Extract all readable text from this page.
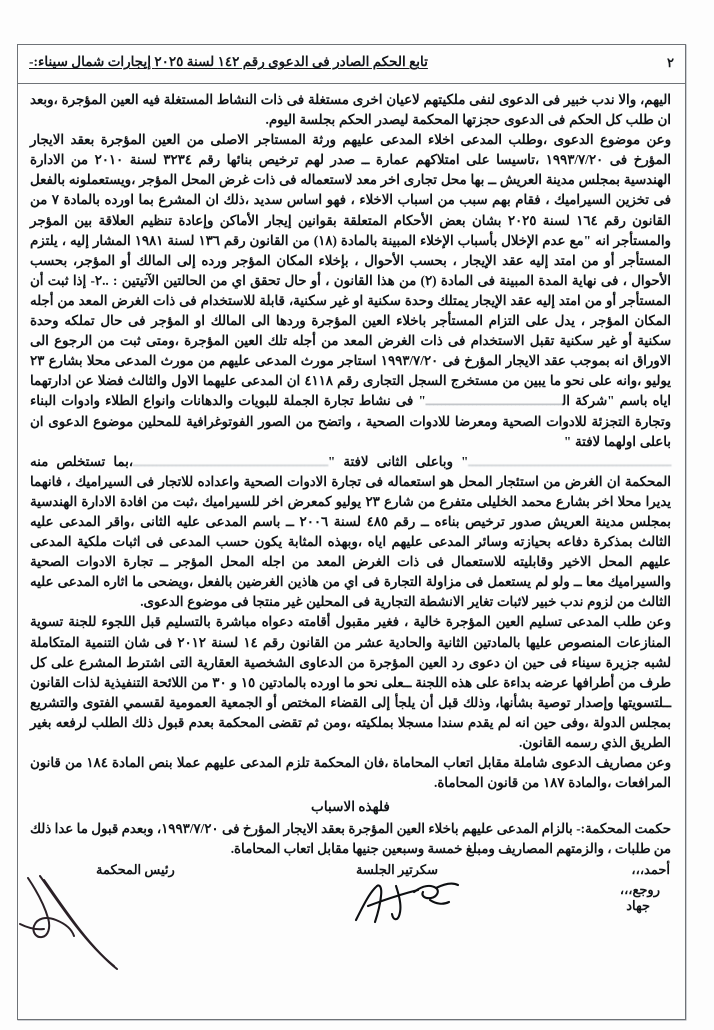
تابع الحكم الصادر فى الدعوى رقم ١٤٢ لسنة ٢٠٢٥ إيجارات شمال سيناء:-	٢

اليهم، والا ندب خبير فى الدعوى لنفى ملكيتهم لاعيان اخرى مستغلة فى ذات النشاط المستغلة فيه العين المؤجرة ،وبعد ان طلب كل الحكم فى الدعوى حجزتها المحكمة ليصدر الحكم بجلسة اليوم.

وعن موضوع الدعوى ،وطلب المدعى اخلاء المدعى عليهم ورثة المستاجر الاصلى من العين المؤجرة بعقد الايجار المؤرخ فى ١٩٩٣/٧/٢٠ ،تاسيسا على امتلاكهم عمارة ــ صدر لهم ترخيص بنائها رقم ٣٢٣٤ لسنة ٢٠١٠ من الادارة الهندسية بمجلس مدينة العريش ــ بها محل تجارى اخر معد لاستعماله فى ذات غرض المحل المؤجر ،ويستعملونه بالفعل فى تخزين السيراميك ، فقام بهم سبب من اسباب الاخلاء ، فهو اساس سديد ،ذلك ان المشرع بما اورده بالمادة ٧ من القانون رقم ١٦٤ لسنة ٢٠٢٥ بشان بعض الأحكام المتعلقة بقوانين إيجار الأماكن وإعادة تنظيم العلاقة بين المؤجر والمستأجر انه "مع عدم الإخلال بأسباب الإخلاء المبينة بالمادة (١٨) من القانون رقم ١٣٦ لسنة ١٩٨١ المشار إليه ، يلتزم المستأجر أو من امتد إليه عقد الإيجار ، بحسب الأحوال ، بإخلاء المكان المؤجر ورده إلى المالك أو المؤجر، بحسب الأحوال ، فى نهاية المدة المبينة فى المادة (٢) من هذا القانون ، أو حال تحقق اي من الحالتين الآتيتين : ..٢- إذا ثبت أن المستأجر أو من امتد إليه عقد الإيجار يمتلك وحدة سكنية او غير سكنية، قابلة للاستخدام فى ذات الغرض المعد من أجله المكان المؤجر ، يدل على التزام المستأجر باخلاء العين المؤجرة وردها الى المالك او المؤجر فى حال تملكه وحدة سكنية أو غير سكنية تقبل الاستخدام فى ذات الغرض المعد من أجله تلك العين المؤجرة ،ومتى ثبت من الرجوع الى الاوراق انه بموجب عقد الايجار المؤرخ فى ١٩٩٣/٧/٢٠ استاجر مورث المدعى عليهم من مورث المدعى محلا بشارع ٢٣ يوليو ،وانه على نحو ما يبين من مستخرج السجل التجارى رقم ٤١١٨ ان المدعى عليهما الاول والثالث فضلا عن ادارتهما اياه باسم "شركة الـــــــــــــــــــــــــــــــــــ" فى نشاط تجارة الجملة للبويات والدهانات وانواع الطلاء وادوات البناء وتجارة التجزئة للادوات الصحية ومعرضا للادوات الصحية ، واتضح من الصور الفوتوغرافية للمحلين موضوع الدعوى ان باعلى اولهما لافتة "

ــــــــــــــــــــــــــــــــــــــــــــــــــــ" وباعلى الثانى لافتة "ــــــــــــــــــــــــــــــــــــــــــــــــــ،بما تستخلص منه المحكمة ان الغرض من استئجار المحل هو استعماله فى تجارة الادوات الصحية واعداده للاتجار فى السيراميك ، فانهما يديرا محلا اخر بشارع محمد الخليلى متفرع من شارع ٢٣ يوليو كمعرض اخر للسيراميك ،ثبت من افادة الادارة الهندسية بمجلس مدينة العريش صدور ترخيص بناءه ــ رقم ٤٨٥ لسنة ٢٠٠٦ ــ باسم المدعى عليه الثانى ،واقر المدعى عليه الثالث بمذكرة دفاعه بحيازته وسائر المدعى عليهم اياه ،وبهذه المثابة يكون حسب المدعى فى اثبات ملكية المدعى عليهم المحل الاخير وقابليته للاستعمال فى ذات الغرض المعد من اجله المحل المؤجر ــ تجارة الادوات الصحية والسيراميك معا ــ ولو لم يستعمل فى مزاولة التجارة فى اي من هاذين الغرضين بالفعل ،ويضحى ما اثاره المدعى عليه الثالث من لزوم ندب خبير لاثبات تغاير الانشطة التجارية فى المحلين غير منتجا فى موضوع الدعوى.

وعن طلب المدعى تسليم العين المؤجرة خالية ، فغير مقبول أقامته دعواه مباشرة بالتسليم قبل اللجوء للجنة تسوية المنازعات المنصوص عليها بالمادتين الثانية والحادية عشر من القانون رقم ١٤ لسنة ٢٠١٢ فى شان التنمية المتكاملة لشبه جزيرة سيناء فى حين ان دعوى رد العين المؤجرة من الدعاوى الشخصية العقارية التى اشترط المشرع على كل طرف من أطرافها عرضه بداءة على هذه اللجنة ــعلى نحو ما اورده بالمادتين ١٥ و ٣٠ من اللائحة التنفيذية لذات القانون ــلتسويتها وإصدار توصية بشأنها، وذلك قبل أن يلجأ إلى القضاء المختص أو الجمعية العمومية لقسمي الفتوى والتشريع بمجلس الدولة ،وفى حين انه لم يقدم سندا مسجلا بملكيته ،ومن ثم تقضى المحكمة بعدم قبول ذلك الطلب لرفعه بغير الطريق الذي رسمه القانون.

وعن مصاريف الدعوى شاملة مقابل اتعاب المحاماة ،فان المحكمة تلزم المدعى عليهم عملا بنص المادة ١٨٤ من قانون المرافعات ،والمادة ١٨٧ من قانون المحاماة.

فلهذه الاسباب
حكمت المحكمة:- بالزام المدعى عليهم باخلاء العين المؤجرة بعقد الايجار المؤرخ فى ١٩٩٣/٧/٢٠، وبعدم قبول ما عدا ذلك من طلبات ، والزمتهم المصاريف ومبلغ خمسة وسبعين جنيها مقابل اتعاب المحاماة.
أحمد،،،
روجع،،،
جهاد
سكرتير الجلسة
رئيس المحكمة
